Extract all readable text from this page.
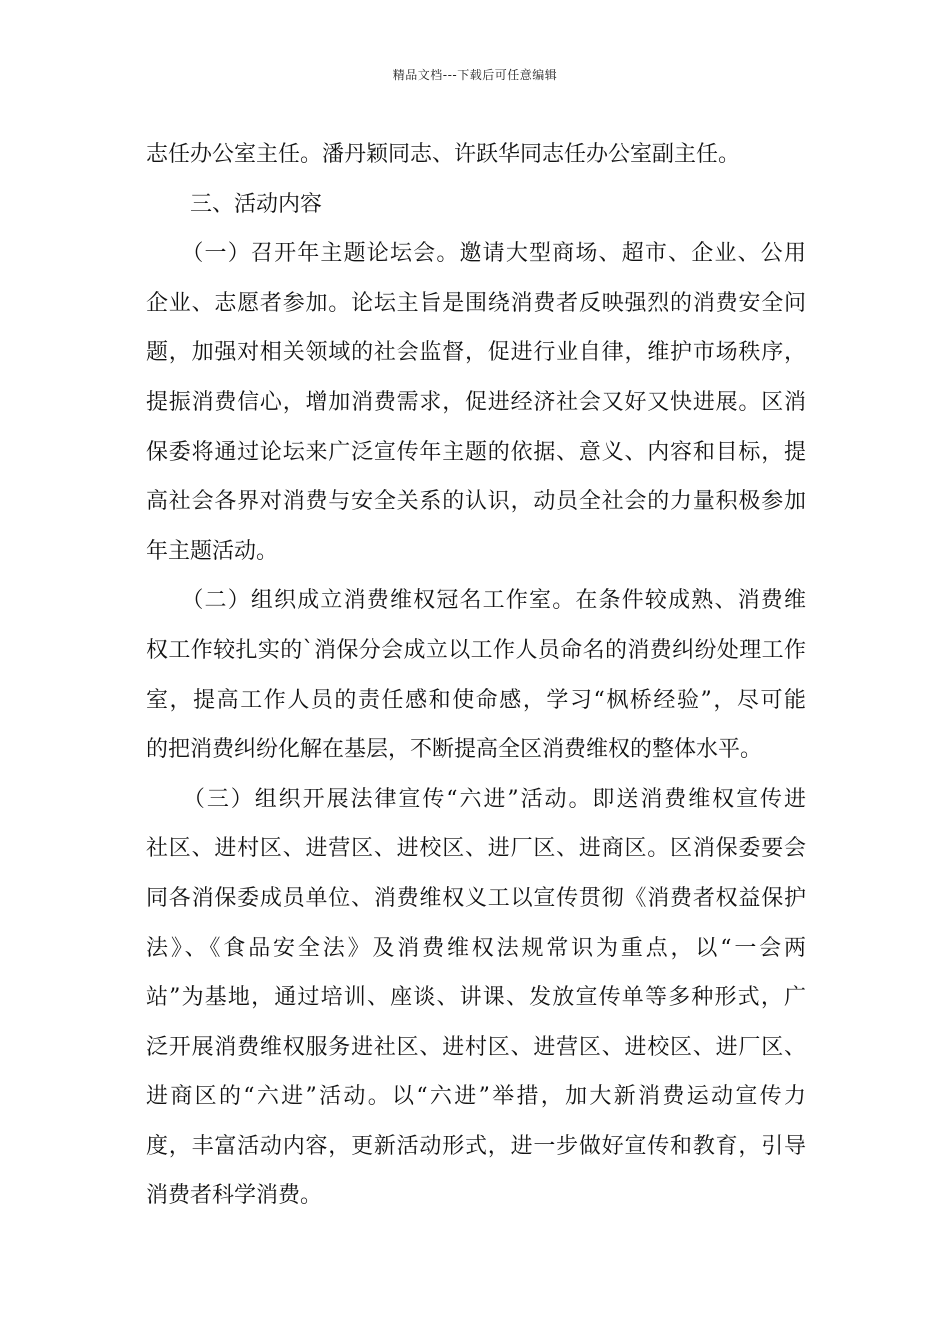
精品文档---下载后可任意编辑

志任办公室主任。潘丹颖同志、许跃华同志任办公室副主任。

　　三、活动内容

　　（一）召开年主题论坛会。邀请大型商场、超市、企业、公用
企业、志愿者参加。论坛主旨是围绕消费者反映强烈的消费安全问
题，加强对相关领域的社会监督，促进行业自律，维护市场秩序，
提振消费信心，增加消费需求，促进经济社会又好又快进展。区消
保委将通过论坛来广泛宣传年主题的依据、意义、内容和目标，提
高社会各界对消费与安全关系的认识，动员全社会的力量积极参加
年主题活动。

　　（二）组织成立消费维权冠名工作室。在条件较成熟、消费维
权工作较扎实的`消保分会成立以工作人员命名的消费纠纷处理工作
室，提高工作人员的责任感和使命感，学习“枫桥经验”，尽可能
的把消费纠纷化解在基层，不断提高全区消费维权的整体水平。

　　（三）组织开展法律宣传“六进”活动。即送消费维权宣传进
社区、进村区、进营区、进校区、进厂区、进商区。区消保委要会
同各消保委成员单位、消费维权义工以宣传贯彻《消费者权益保护
法》、《食品安全法》及消费维权法规常识为重点，以“一会两
站”为基地，通过培训、座谈、讲课、发放宣传单等多种形式，广
泛开展消费维权服务进社区、进村区、进营区、进校区、进厂区、
进商区的“六进”活动。以“六进”举措，加大新消费运动宣传力
度，丰富活动内容，更新活动形式，进一步做好宣传和教育，引导
消费者科学消费。
